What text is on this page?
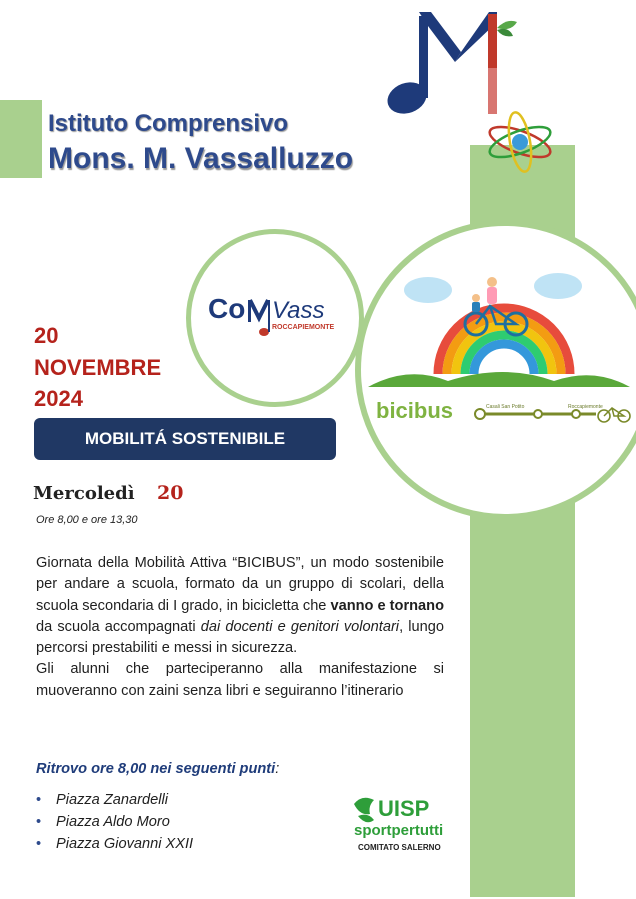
Istituto Comprensivo
Mons. M. Vassalluzzo
Co Vass
ROCCAPIEMONTE
bicibus	Casali San Potito	Roccapiemonte
20
NOVEMBRE
2024
MOBILITÁ SOSTENIBILE
Mercoledì 20
Ore 8,00 e ore 13,30

Giornata della Mobilità Attiva “BICIBUS”, un modo sostenibile per andare a scuola, formato da un gruppo di scolari, della scuola secondaria di I grado, in bicicletta che vanno e tornano da scuola accompagnati dai docenti e genitori volontari, lungo percorsi prestabiliti e messi in sicurezza.

Gli alunni che parteciperanno alla manifestazione si muoveranno con zaini senza libri e seguiranno l’itinerario

Ritrovo ore 8,00 nei seguenti punti:
• Piazza Zanardelli
• Piazza Aldo Moro
• Piazza Giovanni XXII
UISP
sportpertutti
COMITATO SALERNO
